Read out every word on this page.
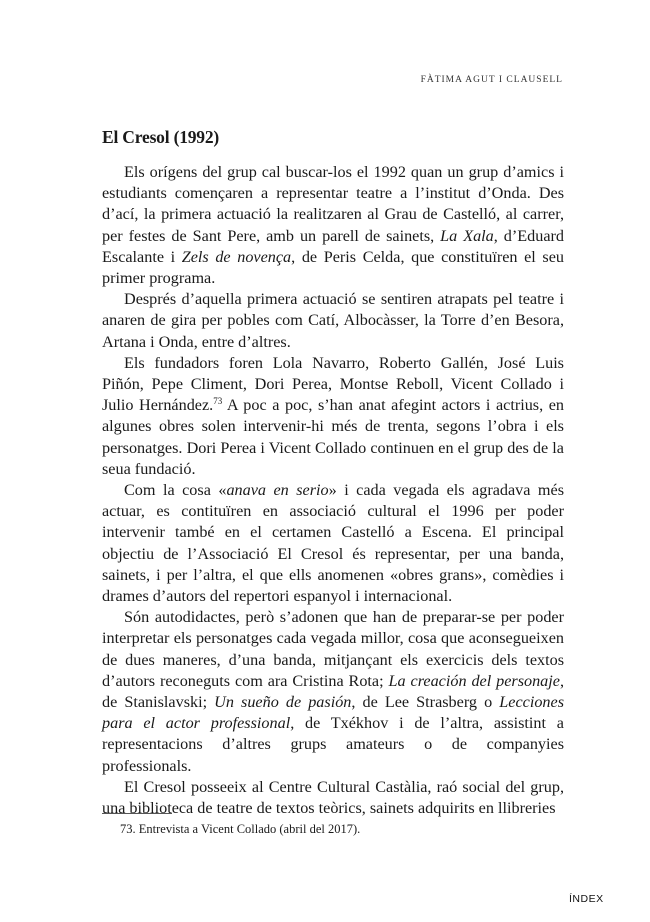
FÀTIMA AGUT I CLAUSELL
El Cresol (1992)

Els orígens del grup cal buscar-los el 1992 quan un grup d’amics i estudiants començaren a representar teatre a l’institut d’Onda. Des d’ací, la primera actuació la realitzaren al Grau de Castelló, al carrer, per festes de Sant Pere, amb un parell de sainets, La Xala, d’Eduard Escalante i Zels de novença, de Peris Celda, que constituïren el seu primer programa.

Després d’aquella primera actuació se sentiren atrapats pel teatre i anaren de gira per pobles com Catí, Albocàsser, la Torre d’en Besora, Artana i Onda, entre d’altres.

Els fundadors foren Lola Navarro, Roberto Gallén, José Luis Piñón, Pepe Climent, Dori Perea, Montse Reboll, Vicent Collado i Julio Hernández.$^{73}$ A poc a poc, s’han anat afegint actors i actrius, en algunes obres solen intervenir-hi més de trenta, segons l’obra i els personatges. Dori Perea i Vicent Collado continuen en el grup des de la seua fundació.

Com la cosa «anava en serio» i cada vegada els agradava més actuar, es contituïren en associació cultural el 1996 per poder intervenir també en el certamen Castelló a Escena. El principal objectiu de l’Associació El Cresol és representar, per una banda, sainets, i per l’altra, el que ells anomenen «obres grans», comèdies i drames d’autors del repertori espanyol i internacional.

Són autodidactes, però s’adonen que han de preparar-se per poder interpretar els personatges cada vegada millor, cosa que aconsegueixen de dues maneres, d’una banda, mitjançant els exercicis dels textos d’autors reconeguts com ara Cristina Rota; La creación del personaje, de Stanislavski; Un sueño de pasión, de Lee Strasberg o Lecciones para el actor professional, de Txékhov i de l’altra, assistint a representacions d’altres grups amateurs o de companyies professionals.

El Cresol posseeix al Centre Cultural Castàlia, raó social del grup, una biblioteca de teatre de textos teòrics, sainets adquirits en llibreries

73. Entrevista a Vicent Collado (abril del 2017).
ÍNDEX
